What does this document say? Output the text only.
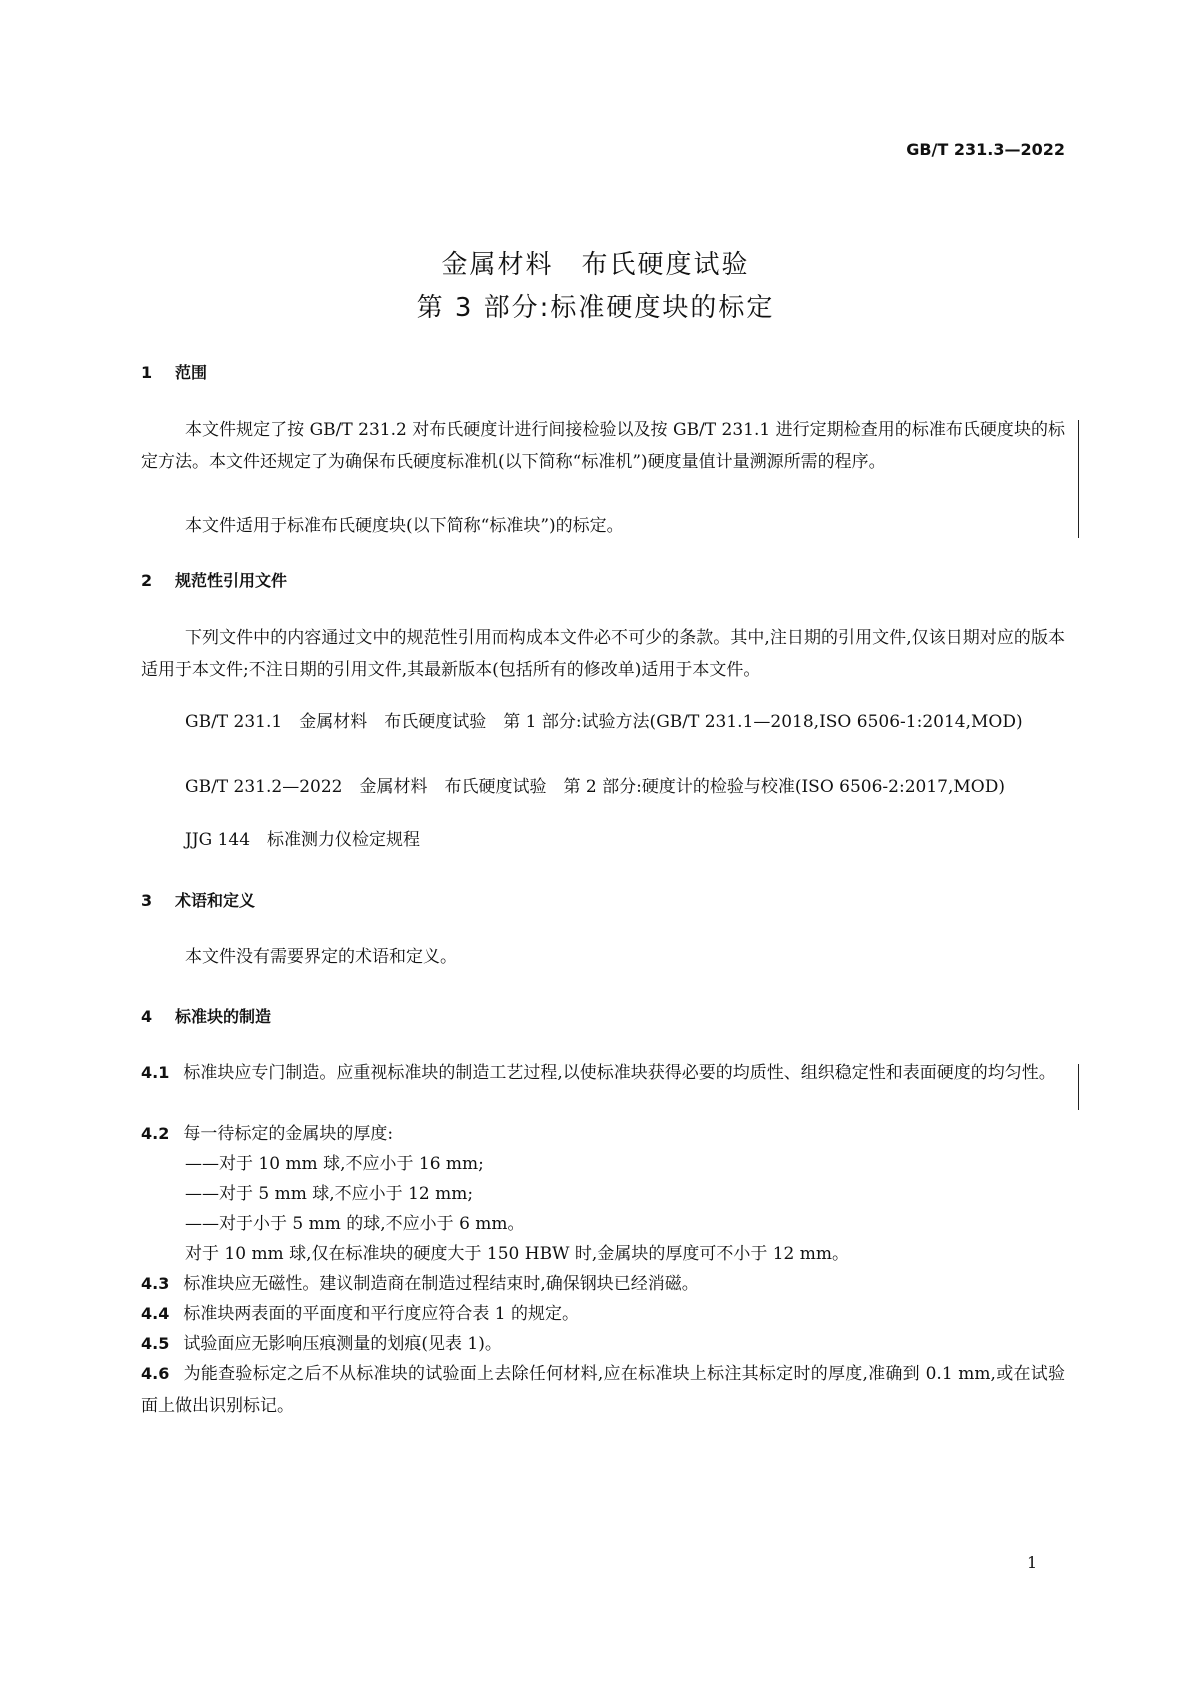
GB/T 231.3—2022
金属材料　布氏硬度试验
第 3 部分:标准硬度块的标定
1 范围
本文件规定了按 GB/T 231.2 对布氏硬度计进行间接检验以及按 GB/T 231.1 进行定期检查用的标准布氏硬度块的标定方法。本文件还规定了为确保布氏硬度标准机(以下简称“标准机”)硬度量值计量溯源所需的程序。
本文件适用于标准布氏硬度块(以下简称“标准块”)的标定。
2 规范性引用文件
下列文件中的内容通过文中的规范性引用而构成本文件必不可少的条款。其中,注日期的引用文件,仅该日期对应的版本适用于本文件;不注日期的引用文件,其最新版本(包括所有的修改单)适用于本文件。
GB/T 231.1　金属材料　布氏硬度试验　第 1 部分:试验方法(GB/T 231.1—2018,ISO 6506-1:2014,MOD)
GB/T 231.2—2022　金属材料　布氏硬度试验　第 2 部分:硬度计的检验与校准(ISO 6506-2:2017,MOD)
JJG 144　标准测力仪检定规程
3 术语和定义
本文件没有需要界定的术语和定义。
4 标准块的制造
4.1 标准块应专门制造。应重视标准块的制造工艺过程,以使标准块获得必要的均质性、组织稳定性和表面硬度的均匀性。
4.2 每一待标定的金属块的厚度:
——对于 10 mm 球,不应小于 16 mm;
——对于 5 mm 球,不应小于 12 mm;
——对于小于 5 mm 的球,不应小于 6 mm。
对于 10 mm 球,仅在标准块的硬度大于 150 HBW 时,金属块的厚度可不小于 12 mm。
4.3 标准块应无磁性。建议制造商在制造过程结束时,确保钢块已经消磁。
4.4 标准块两表面的平面度和平行度应符合表 1 的规定。
4.5 试验面应无影响压痕测量的划痕(见表 1)。
4.6 为能查验标定之后不从标准块的试验面上去除任何材料,应在标准块上标注其标定时的厚度,准确到 0.1 mm,或在试验面上做出识别标记。
1
